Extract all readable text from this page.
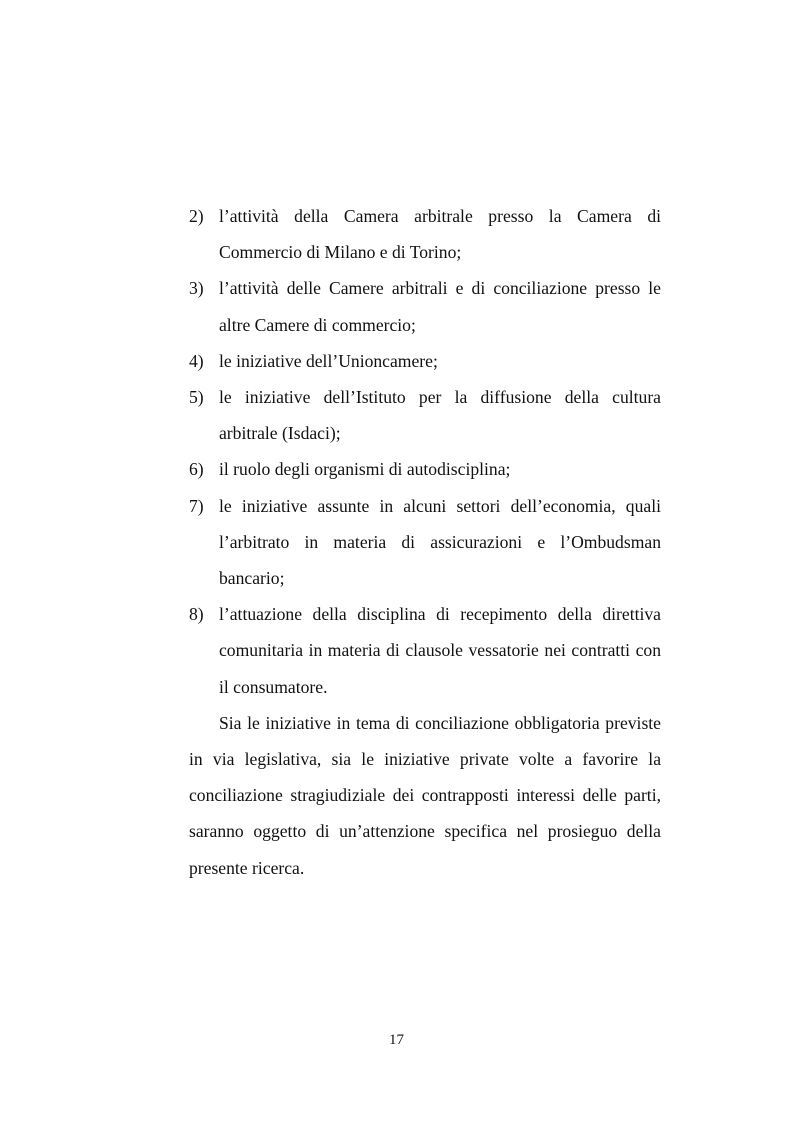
2) l’attività della Camera arbitrale presso la Camera di Commercio di Milano e di Torino;
3) l’attività delle Camere arbitrali e di conciliazione presso le altre Camere di commercio;
4) le iniziative dell’Unioncamere;
5) le iniziative dell’Istituto per la diffusione della cultura arbitrale (Isdaci);
6) il ruolo degli organismi di autodisciplina;
7) le iniziative assunte in alcuni settori dell’economia, quali l’arbitrato in materia di assicurazioni e l’Ombudsman bancario;
8) l’attuazione della disciplina di recepimento della direttiva comunitaria in materia di clausole vessatorie nei contratti con il consumatore.

Sia le iniziative in tema di conciliazione obbligatoria previste in via legislativa, sia le iniziative private volte a favorire la conciliazione stragiudiziale dei contrapposti interessi delle parti, saranno oggetto di un’attenzione specifica nel prosieguo della presente ricerca.

17
